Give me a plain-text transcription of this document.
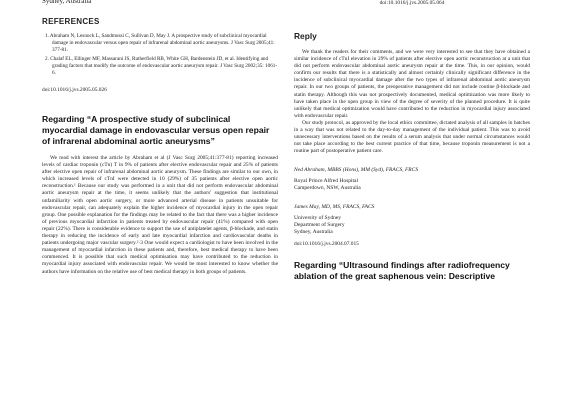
Sydney, Australia
REFERENCES
1. Abraham N, Lesnock L, Sandmussi C, Sullivan D, May J. A prospective study of subclinical myocardial damage in endovascular versus open repair of infrarenal abdominal aortic aneurysms. J Vasc Surg 2005;41: 377-81.
2. Chalaf EL, Ellinger MF, Massarani JS, Rutherfield RB, White GH, Bardenstein JD, et al. Identifying and grading factors that modify the outcome of endovascular aortic aneurysm repair. J Vasc Surg 2002;35: 1061-6.
doi:10.1016/j.jvs.2005.05.026
Regarding “A prospective study of subclinical myocardial damage in endovascular versus open repair of infrarenal abdominal aortic aneurysms”

We read with interest the article by Abraham et al (J Vasc Surg 2005;41:377-81) reporting increased levels of cardiac troponin (cTn) T in 9% of patients after elective endovascular repair and 25% of patients after elective open repair of infrarenal abdominal aortic aneurysm. These findings are similar to our own, in which increased levels of cTnI were detected in 10 (29%) of 35 patients after elective open aortic reconstruction.¹ Because our study was performed in a unit that did not perform endovascular abdominal aortic aneurysm repair at the time, it seems unlikely that the authors' suggestion that institutional unfamiliarity with open aortic surgery, or more advanced arterial disease in patients unsuitable for endovascular repair, can adequately explain the higher incidence of myocardial injury in the open repair group. One possible explanation for the findings may be related to the fact that there was a higher incidence of previous myocardial infarction in patients treated by endovascular repair (41%) compared with open repair (22%). There is considerable evidence to support the use of antiplatelet agents, β-blockade, and statin therapy in reducing the incidence of early and late myocardial infarction and cardiovascular deaths in patients undergoing major vascular surgery.²·3 One would expect a cardiologist to have been involved in the management of myocardial infarction in these patients and, therefore, best medical therapy to have been commenced. It is possible that such medical optimisation may have contributed to the reduction in myocardial injury associated with endovascular repair. We would be most interested to know whether the authors have information on the relative use of best medical therapy in both groups of patients.

doi:10.1016/j.jvs.2005.05.064
Reply

We thank the readers for their comments, and we were very interested to see that they have obtained a similar incidence of cTnI elevation in 29% of patients after elective open aortic reconstruction at a unit that did not perform endovascular abdominal aortic aneurysm repair at the time. This, in our opinion, would confirm our results that there is a statistically and almost certainly clinically significant difference in the incidence of subclinical myocardial damage after the two types of infrarenal abdominal aortic aneurysm repair. In our two groups of patients, the preoperative management did not include routine β-blockade and statin therapy. Although this was not prospectively documented, medical optimization was more likely to have taken place in the open group in view of the degree of severity of the planned procedure. It is quite unlikely that medical optimization would have contributed to the reduction in myocardial injury associated with endovascular repair.

Our study protocol, as approved by the local ethics committee, dictated analysis of all samples in batches in a way that was not related to the day-to-day management of the individual patient. This was to avoid unnecessary interventions based on the results of a serum analysis that under normal circumstances would not take place according to the best current practice of that time, because troponin measurement is not a routine part of postoperative patient care.

Ned Abraham, MBBS (Hons), MM (Syd), FRACS, FRCS
Royal Prince Alfred Hospital
Camperdown, NSW, Australia
James May, MD, MS, FRACS, FACS
University of Sydney
Department of Surgery
Sydney, Australia
doi:10.1016/j.jvs.2004.07.015
Regarding “Ultrasound findings after radiofrequency ablation of the great saphenous vein: Descriptive
